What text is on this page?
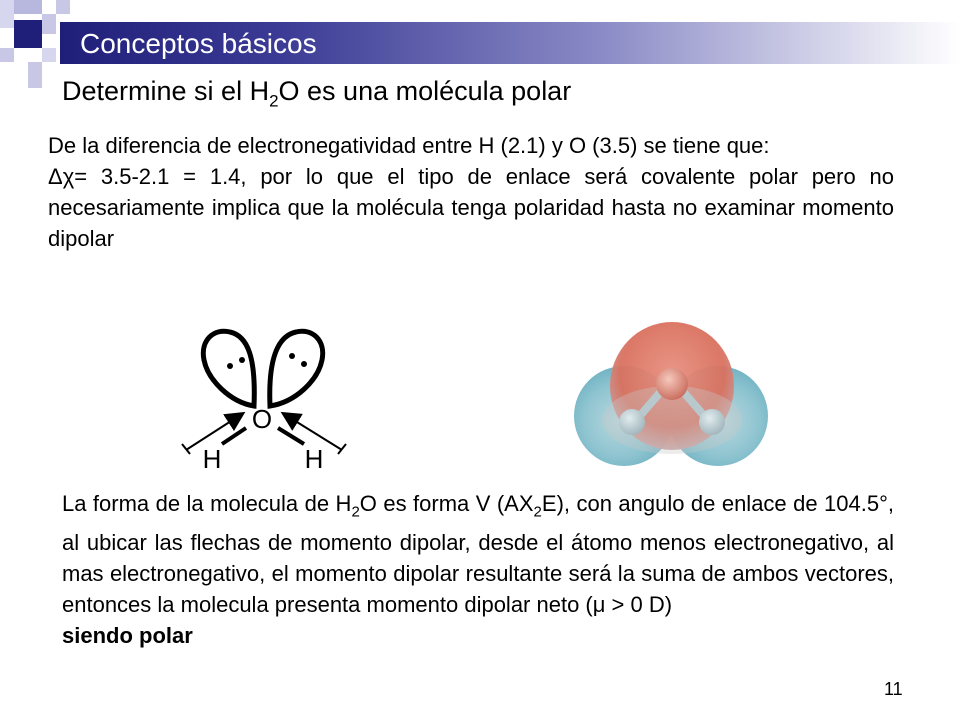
Conceptos básicos
Determine si el $H_2O$ es una molécula polar
De la diferencia de electronegatividad entre H (2.1) y O (3.5) se tiene que:
Δχ= 3.5-2.1 = 1.4, por lo que el tipo de enlace será covalente polar pero no necesariamente implica que la molécula tenga polaridad hasta no examinar momento dipolar
O
H	H
La forma de la molecula de $H_2O$ es forma V $(AX_2E)$, con angulo de enlace de 104.5°, al ubicar las flechas de momento dipolar, desde el átomo menos electronegativo, al mas electronegativo, el momento dipolar resultante será la suma de ambos vectores, entonces la molecula presenta momento dipolar neto (μ > 0 D)
siendo polar
11
